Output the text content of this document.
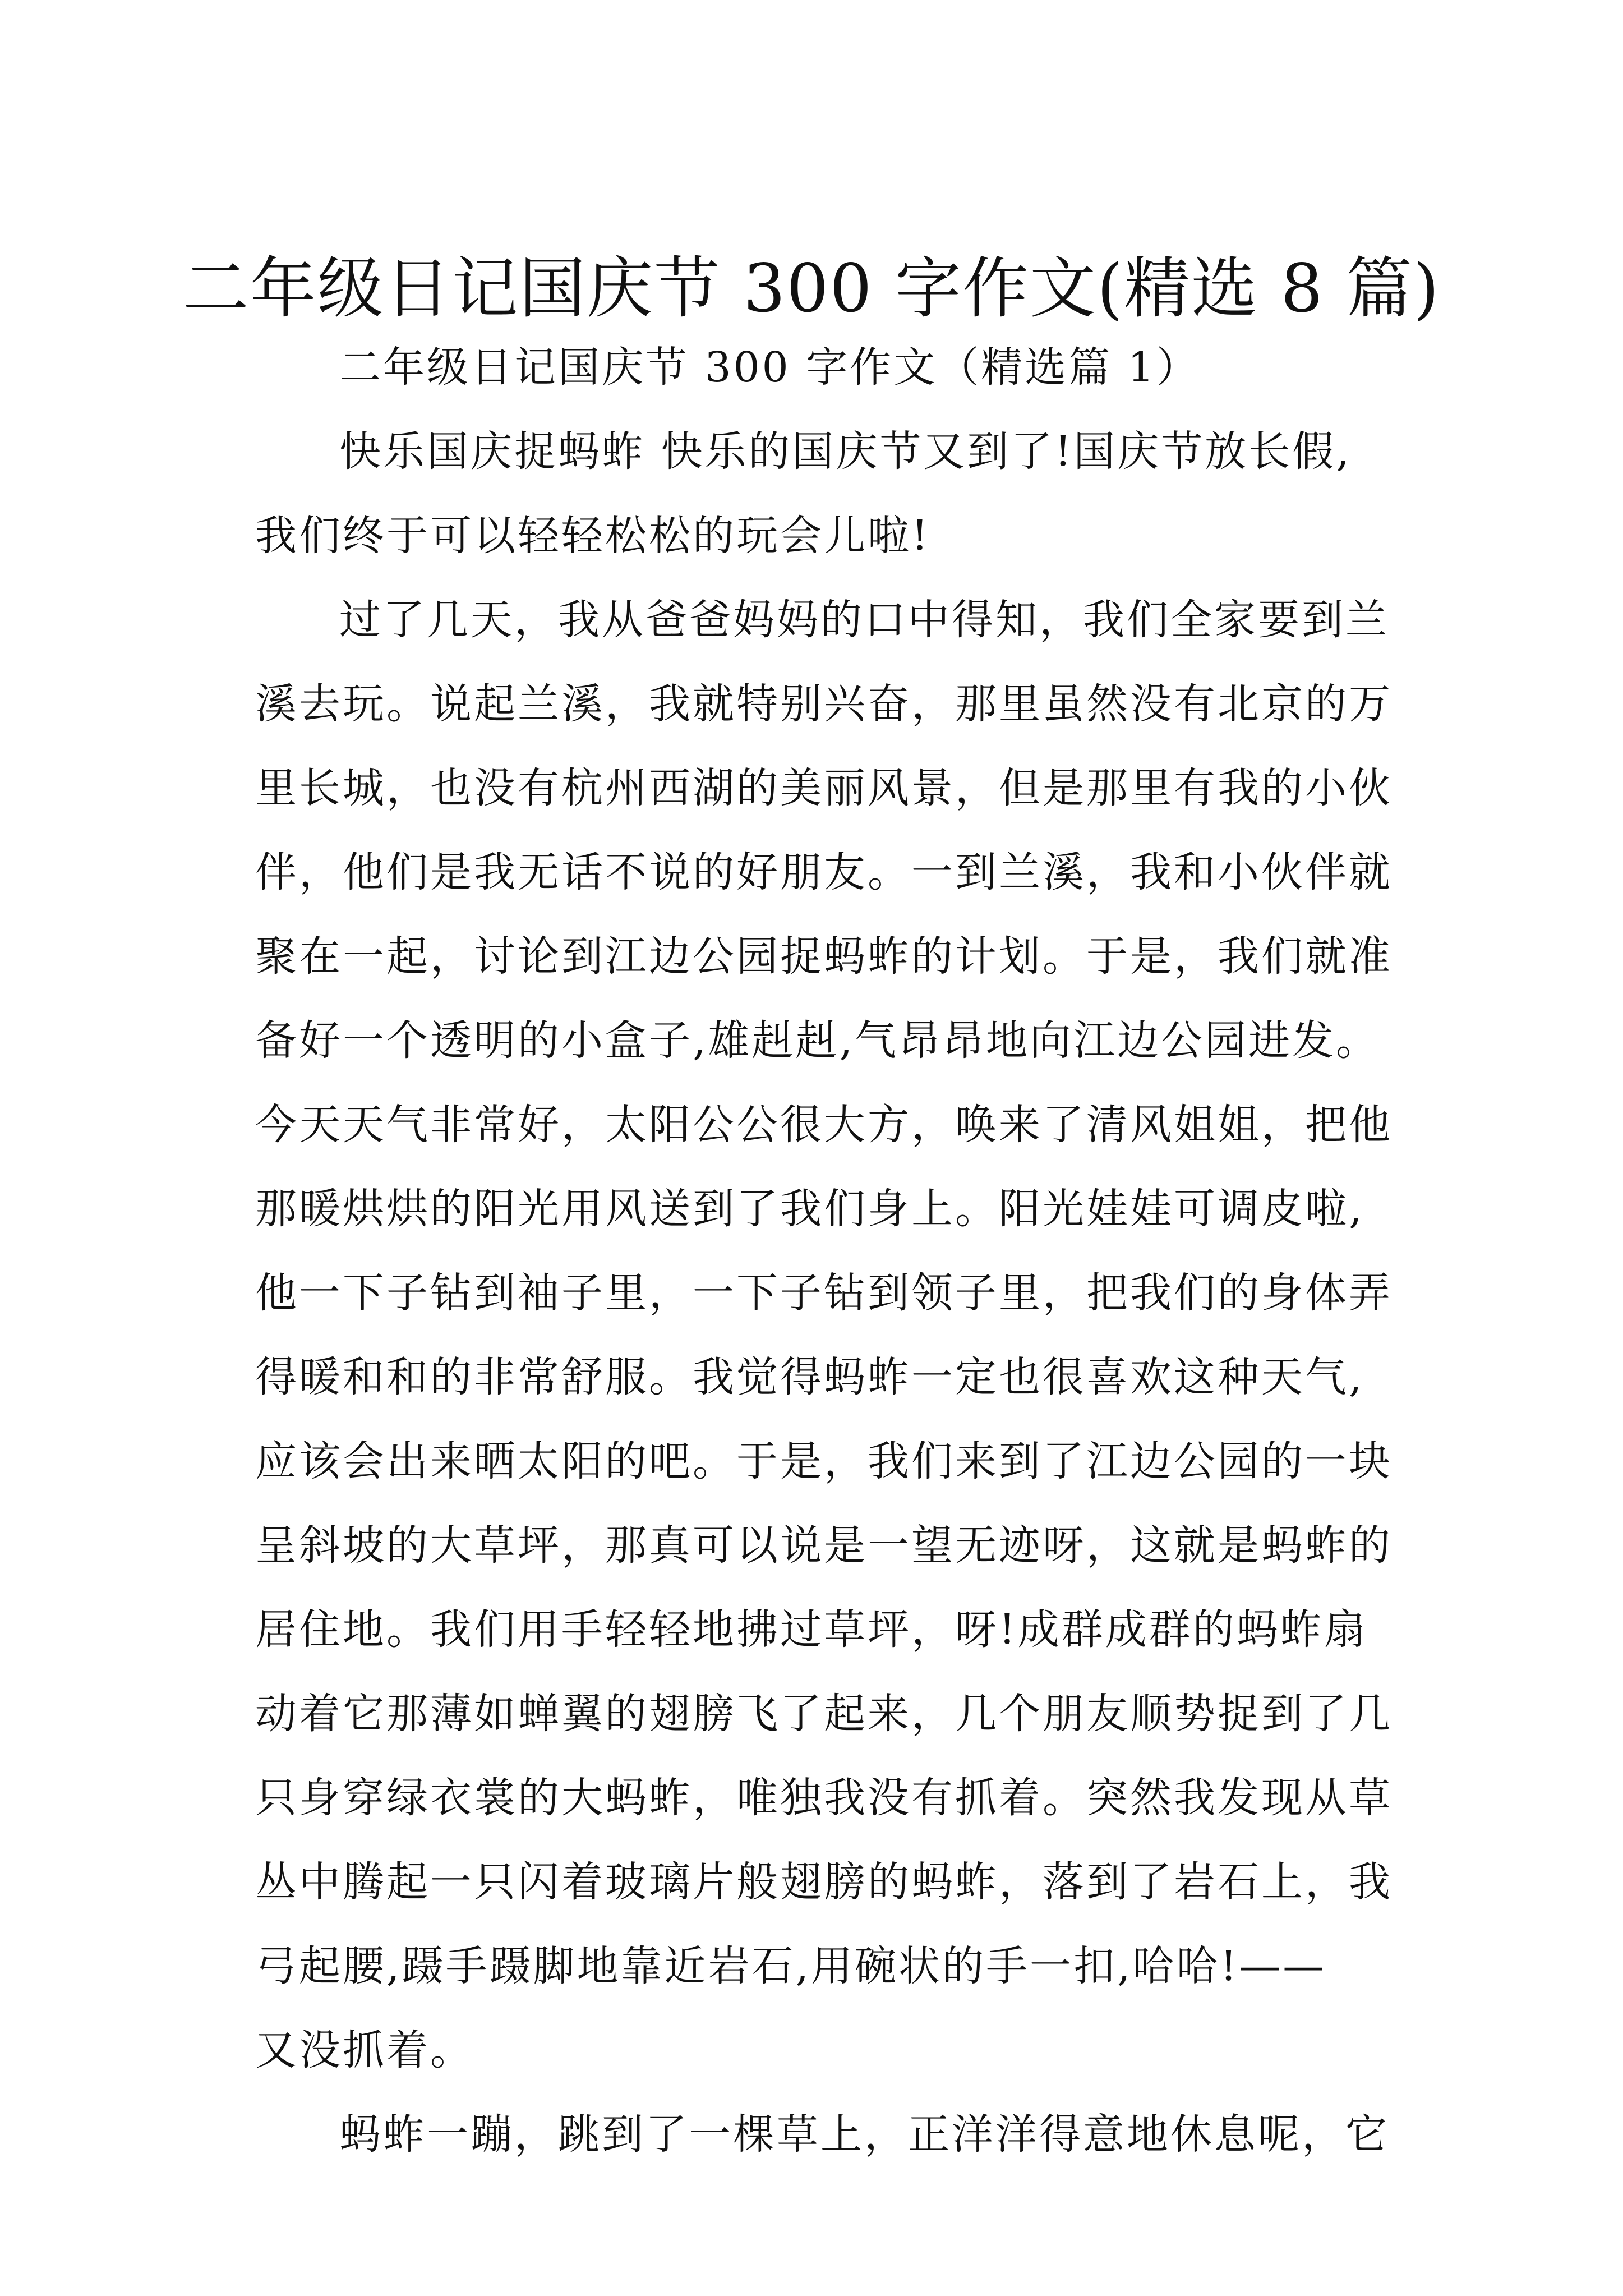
二年级日记国庆节 300 字作文(精选 8 篇)
二年级日记国庆节 300 字作文（精选篇 1）
快乐国庆捉蚂蚱 快乐的国庆节又到了!国庆节放长假,
我们终于可以轻轻松松的玩会儿啦!
过了几天，我从爸爸妈妈的口中得知，我们全家要到兰
溪去玩。说起兰溪，我就特别兴奋，那里虽然没有北京的万
里长城，也没有杭州西湖的美丽风景，但是那里有我的小伙
伴，他们是我无话不说的好朋友。一到兰溪，我和小伙伴就
聚在一起，讨论到江边公园捉蚂蚱的计划。于是，我们就准
备好一个透明的小盒子,雄赳赳,气昂昂地向江边公园进发。
今天天气非常好，太阳公公很大方，唤来了清风姐姐，把他
那暖烘烘的阳光用风送到了我们身上。阳光娃娃可调皮啦,
他一下子钻到袖子里，一下子钻到领子里，把我们的身体弄
得暖和和的非常舒服。我觉得蚂蚱一定也很喜欢这种天气,
应该会出来晒太阳的吧。于是，我们来到了江边公园的一块
呈斜坡的大草坪，那真可以说是一望无迹呀，这就是蚂蚱的
居住地。我们用手轻轻地拂过草坪，呀!成群成群的蚂蚱扇
动着它那薄如蝉翼的翅膀飞了起来，几个朋友顺势捉到了几
只身穿绿衣裳的大蚂蚱，唯独我没有抓着。突然我发现从草
丛中腾起一只闪着玻璃片般翅膀的蚂蚱，落到了岩石上，我
弓起腰,蹑手蹑脚地靠近岩石,用碗状的手一扣,哈哈!——
又没抓着。
蚂蚱一蹦，跳到了一棵草上，正洋洋得意地休息呢，它
